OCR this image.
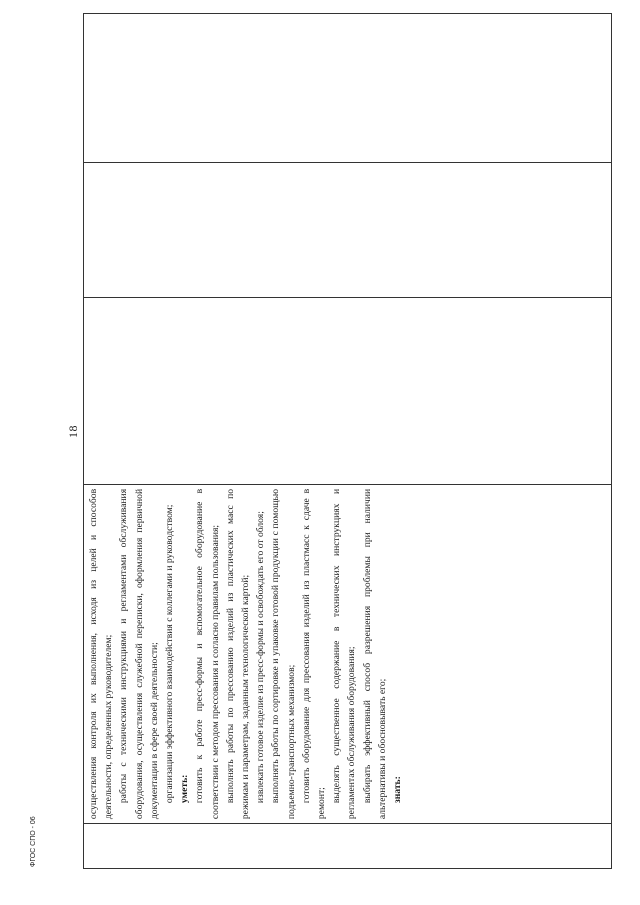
18

осуществления контроля их выполнения, исходя из целей и способов деятельности, определенных руководителем; работы с техническими инструкциями и регламентами обслуживания оборудования, осуществления служебной переписки, оформления первичной документации в сфере своей деятельности; организации эффективного взаимодействия с коллегами и руководством; уметь: готовить к работе пресс-формы и вспомогательное оборудование в соответствии с методом прессования и согласно правилам пользования; выполнять работы по прессованию изделий из пластических масс по режимам и параметрам, заданным технологической картой; извлекать готовое изделие из пресс-формы и освобождать его от облоя; выполнять работы по сортировке и упаковке готовой продукции с помощью подъемно-транспортных механизмов; готовить оборудование для прессования изделий из пластмасс к сдаче в ремонт;

выделять существенное содержание в технических инструкциях и регламентах обслуживания оборудования; выбирать эффективный способ разрешения проблемы при наличии альтернативы и обосновывать его; знать:

ФГОС СПО - 06
